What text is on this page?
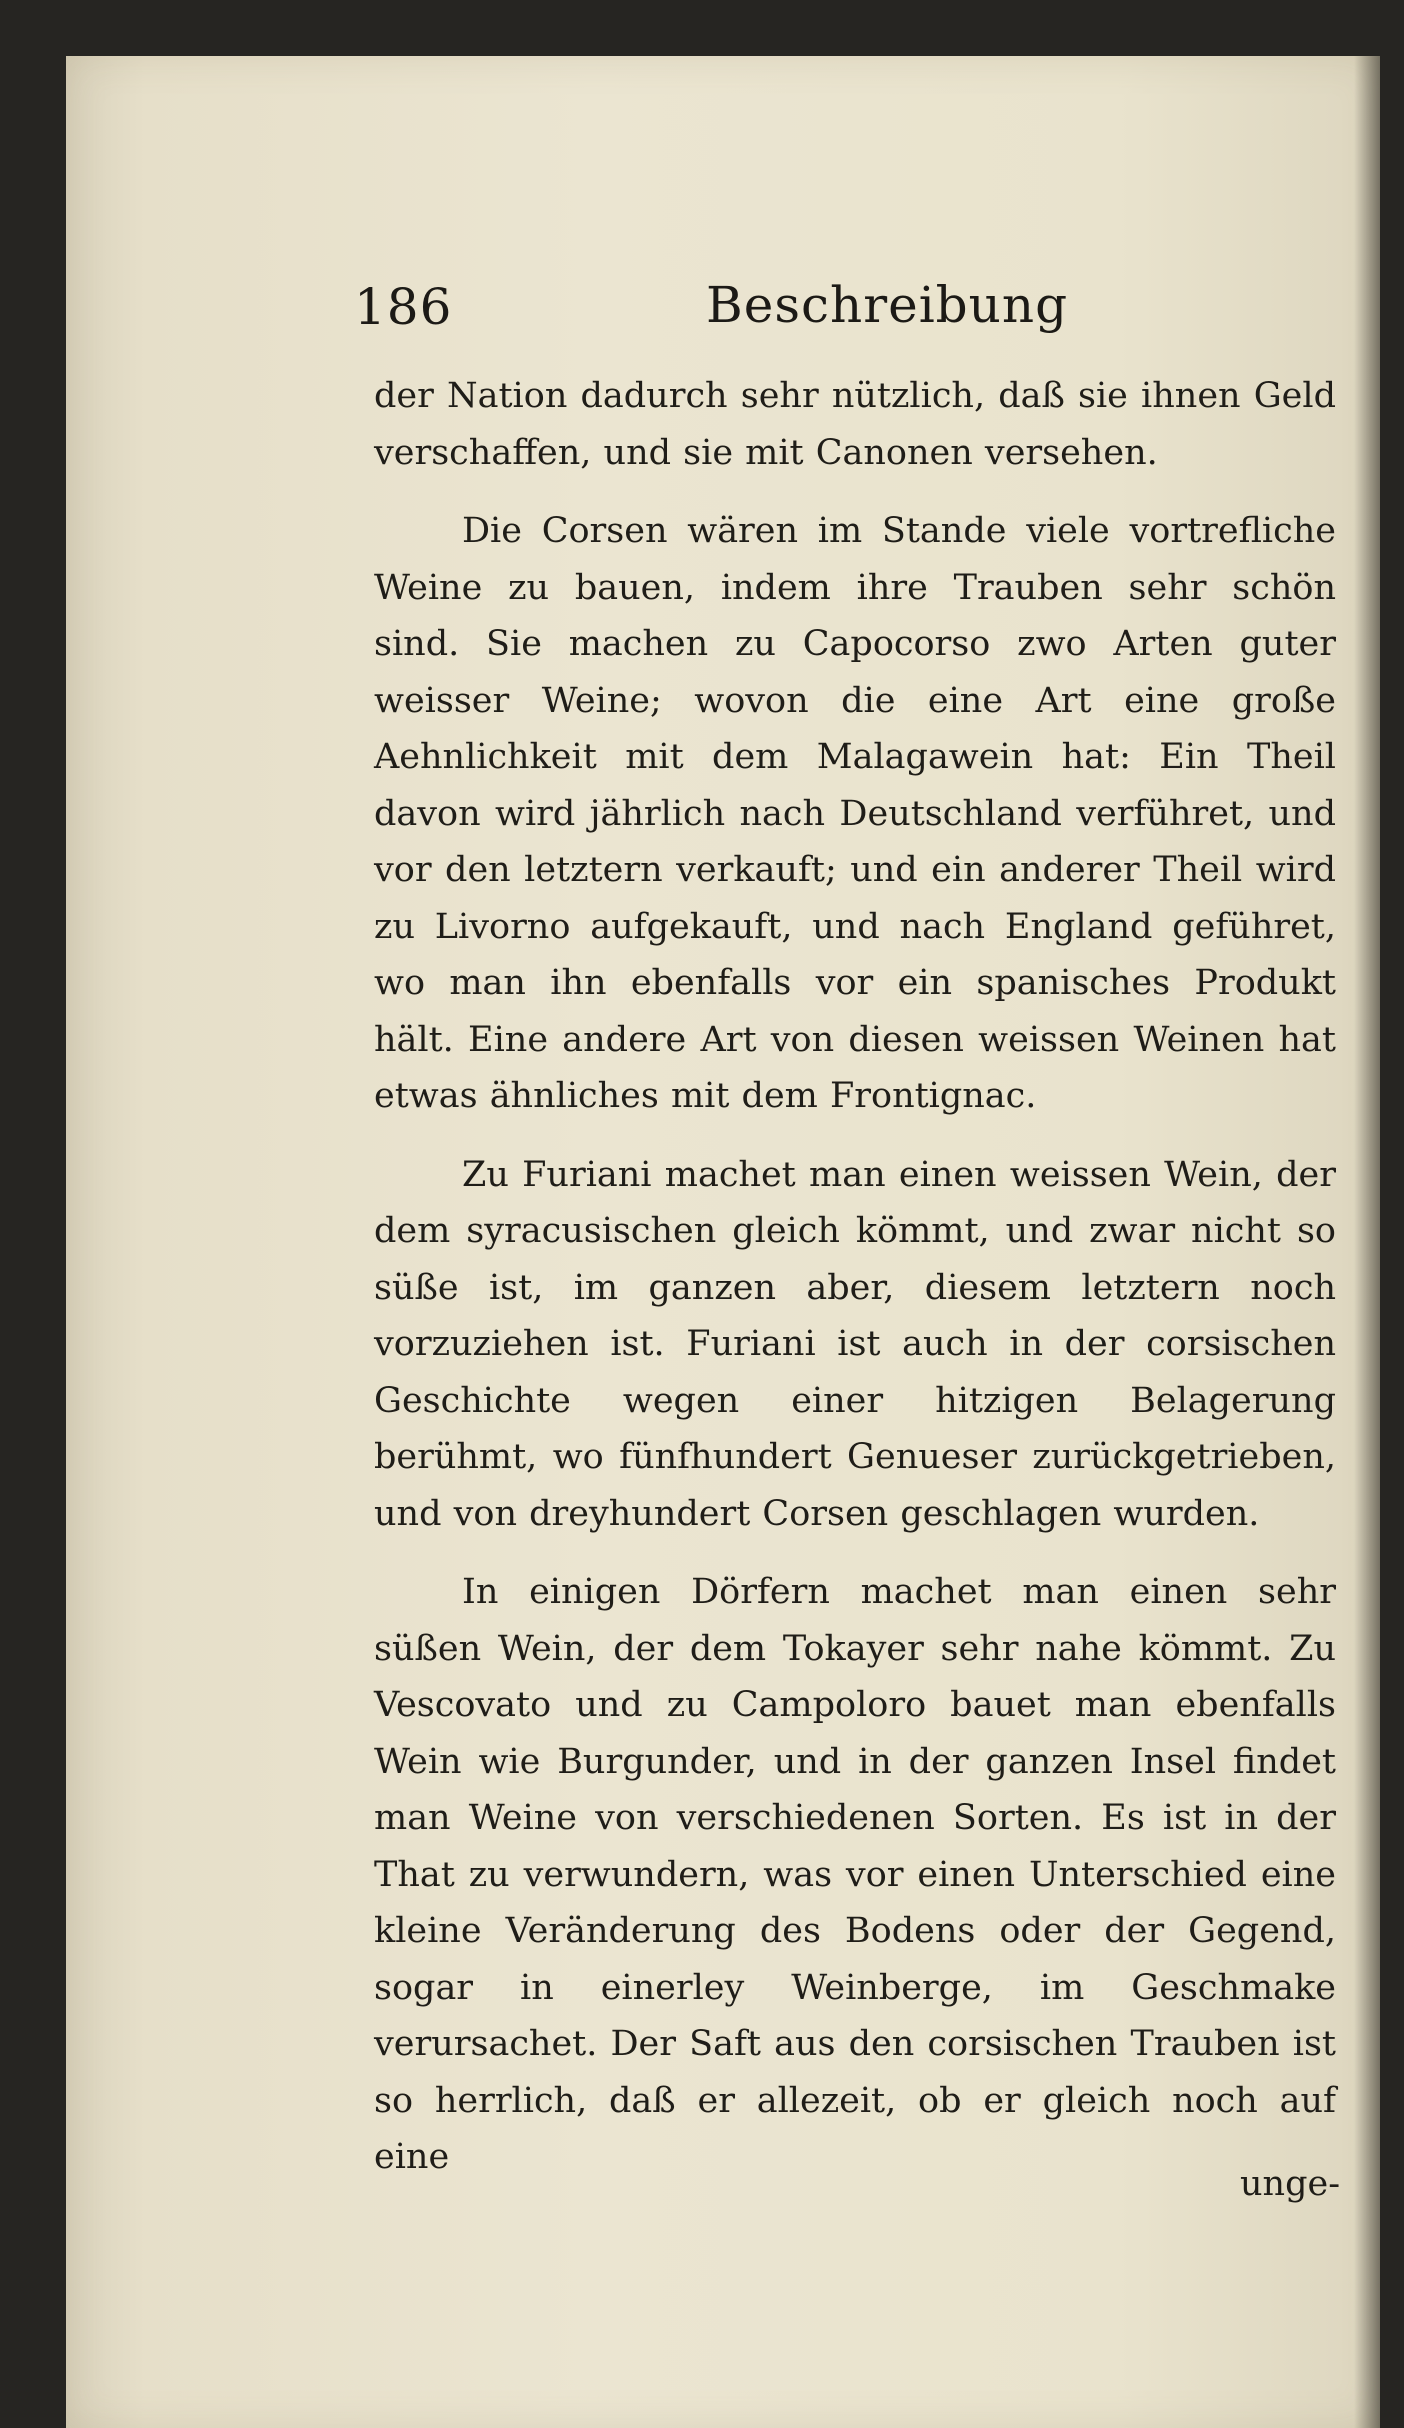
186	Beschreibung

der Nation dadurch sehr nützlich, daß sie ihnen Geld verschaffen, und sie mit Canonen versehen.

Die Corsen wären im Stande viele vortrefliche Weine zu bauen, indem ihre Trauben sehr schön sind. Sie machen zu Capocorso zwo Arten guter weisser Weine; wovon die eine Art eine große Aehnlichkeit mit dem Malagawein hat: Ein Theil davon wird jährlich nach Deutschland verführet, und vor den letztern verkauft; und ein anderer Theil wird zu Livorno aufgekauft, und nach England geführet, wo man ihn ebenfalls vor ein spanisches Produkt hält. Eine andere Art von diesen weissen Weinen hat etwas ähnliches mit dem Frontignac.

Zu Furiani machet man einen weissen Wein, der dem syracusischen gleich kömmt, und zwar nicht so süße ist, im ganzen aber, diesem letztern noch vorzuziehen ist. Furiani ist auch in der corsischen Geschichte wegen einer hitzigen Belagerung berühmt, wo fünfhundert Genueser zurückgetrieben, und von dreyhundert Corsen geschlagen wurden.

In einigen Dörfern machet man einen sehr süßen Wein, der dem Tokayer sehr nahe kömmt. Zu Vescovato und zu Campoloro bauet man ebenfalls Wein wie Burgunder, und in der ganzen Insel findet man Weine von verschiedenen Sorten. Es ist in der That zu verwundern, was vor einen Unterschied eine kleine Veränderung des Bodens oder der Gegend, sogar in einerley Weinberge, im Geschmake verursachet. Der Saft aus den corsischen Trauben ist so herrlich, daß er allezeit, ob er gleich noch auf eine

unge-
